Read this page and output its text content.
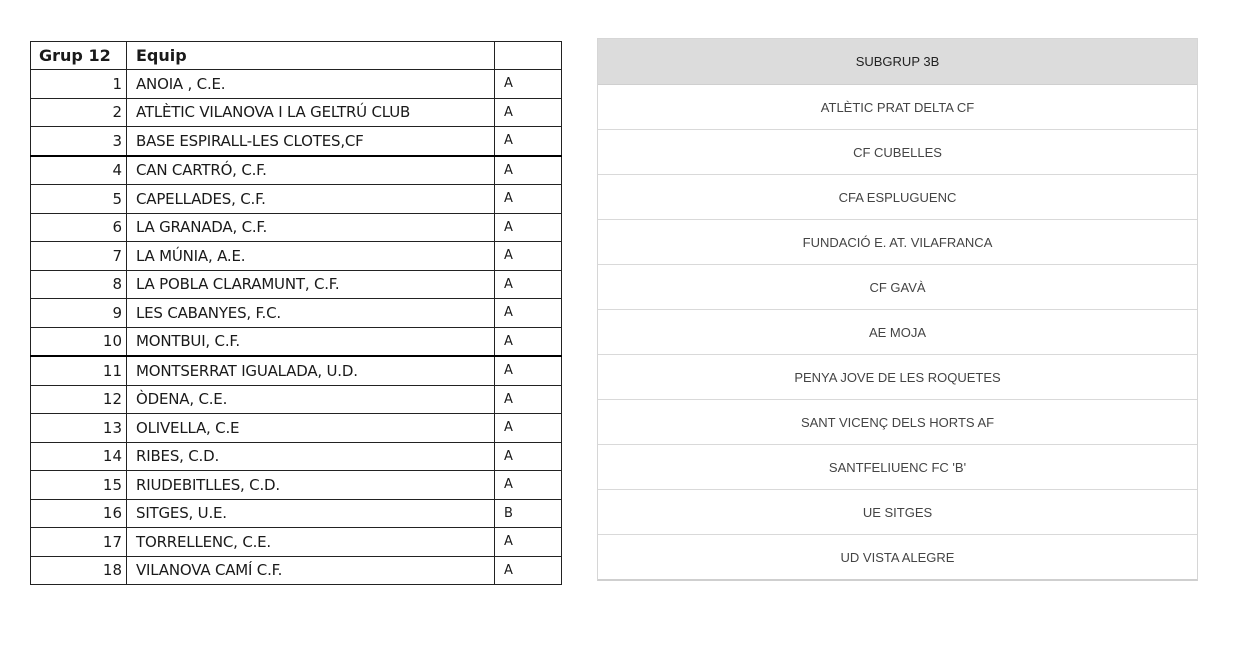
Grup 12	Equip	
1	ANOIA , C.E.	A
2	ATLÈTIC VILANOVA I LA GELTRÚ CLUB	A
3	BASE ESPIRALL-LES CLOTES,CF	A
4	CAN CARTRÓ, C.F.	A
5	CAPELLADES, C.F.	A
6	LA GRANADA, C.F.	A
7	LA MÚNIA, A.E.	A
8	LA POBLA CLARAMUNT, C.F.	A
9	LES CABANYES, F.C.	A
10	MONTBUI, C.F.	A
11	MONTSERRAT IGUALADA, U.D.	A
12	ÒDENA, C.E.	A
13	OLIVELLA, C.E	A
14	RIBES, C.D.	A
15	RIUDEBITLLES, C.D.	A
16	SITGES, U.E.	B
17	TORRELLENC, C.E.	A
18	VILANOVA CAMÍ C.F.	A
SUBGRUP 3B
ATLÈTIC PRAT DELTA CF
CF CUBELLES
CFA ESPLUGUENC
FUNDACIÓ E. AT. VILAFRANCA
CF GAVÀ
AE MOJA
PENYA JOVE DE LES ROQUETES
SANT VICENÇ DELS HORTS AF
SANTFELIUENC FC 'B'
UE SITGES
UD VISTA ALEGRE
